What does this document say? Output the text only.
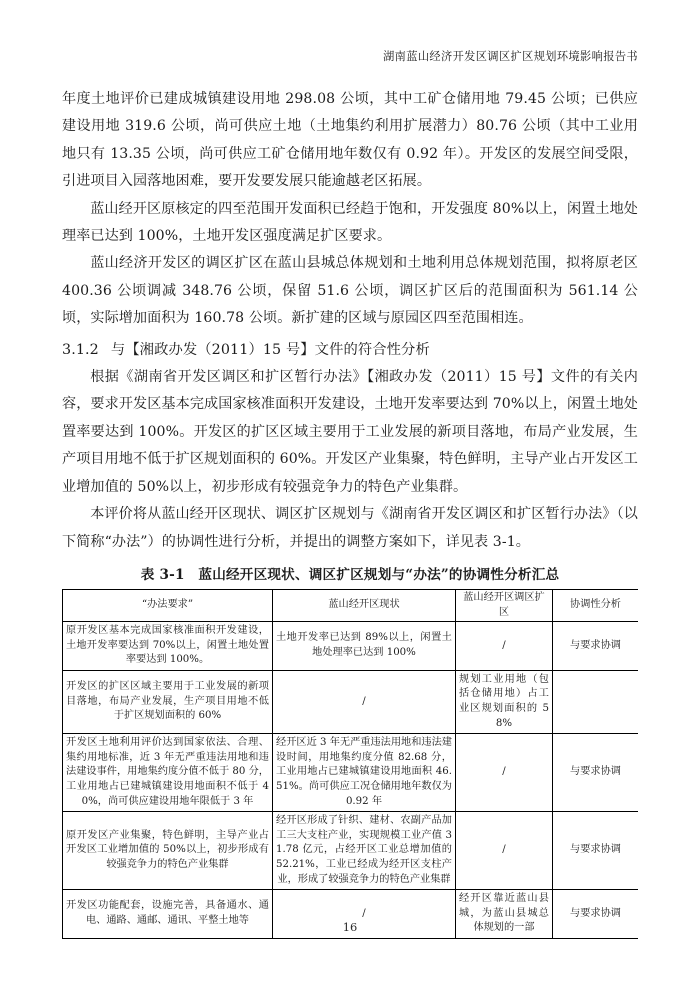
湖南蓝山经济开发区调区扩区规划环境影响报告书

年度土地评价已建成城镇建设用地 298.08 公顷，其中工矿仓储用地 79.45 公顷；已供应建设用地 319.6 公顷，尚可供应土地（土地集约利用扩展潜力）80.76 公顷（其中工业用地只有 13.35 公顷，尚可供应工矿仓储用地年数仅有 0.92 年）。开发区的发展空间受限，引进项目入园落地困难，要开发要发展只能逾越老区拓展。

蓝山经开区原核定的四至范围开发面积已经趋于饱和，开发强度 80%以上，闲置土地处理率已达到 100%，土地开发区强度满足扩区要求。

蓝山经济开发区的调区扩区在蓝山县城总体规划和土地利用总体规划范围，拟将原老区 400.36 公顷调减 348.76 公顷，保留 51.6 公顷，调区扩区后的范围面积为 561.14 公顷，实际增加面积为 160.78 公顷。新扩建的区域与原园区四至范围相连。

3.1.2 与【湘政办发（2011）15 号】文件的符合性分析

根据《湖南省开发区调区和扩区暂行办法》【湘政办发（2011）15 号】文件的有关内容，要求开发区基本完成国家核准面积开发建设，土地开发率要达到 70%以上，闲置土地处置率要达到 100%。开发区的扩区区域主要用于工业发展的新项目落地，布局产业发展，生产项目用地不低于扩区规划面积的 60%。开发区产业集聚，特色鲜明，主导产业占开发区工业增加值的 50%以上，初步形成有较强竞争力的特色产业集群。

本评价将从蓝山经开区现状、调区扩区规划与《湖南省开发区调区和扩区暂行办法》（以下简称“办法”）的协调性进行分析，并提出的调整方案如下，详见表 3-1。

表 3-1　蓝山经开区现状、调区扩区规划与“办法”的协调性分析汇总
“办法要求”	蓝山经开区现状	蓝山经开区调区扩区	协调性分析
原开发区基本完成国家核准面积开发建设，土地开发率要达到 70%以上，闲置土地处置率要达到 100%。	土地开发率已达到 89%以上，闲置土地处理率已达到 100%	/	与要求协调
开发区的扩区区域主要用于工业发展的新项目落地，布局产业发展，生产项目用地不低于扩区规划面积的 60%	/	规划工业用地（包括仓储用地）占工业区规划面积的 58%	
开发区土地利用评价达到国家依法、合理、集约用地标准，近 3 年无严重违法用地和违法建设事件，用地集约度分值不低于 80 分，工业用地占已建城镇建设用地面积不低于 40%，尚可供应建设用地年限低于 3 年	经开区近 3 年无严重违法用地和违法建设时间，用地集约度分值 82.68 分，工业用地占已建城镇建设用地面积 46.51%。尚可供应工况仓储用地年数仅为 0.92 年	/	与要求协调
原开发区产业集聚，特色鲜明，主导产业占开发区工业增加值的 50%以上，初步形成有较强竞争力的特色产业集群	经开区形成了针织、建材、农副产品加工三大支柱产业，实现规模工业产值 31.78 亿元，占经开区工业总增加值的 52.21%，工业已经成为经开区支柱产业，形成了较强竞争力的特色产业集群	/	与要求协调
开发区功能配套，设施完善，具备通水、通电、通路、通邮、通讯、平整土地等	/	经开区靠近蓝山县城，为蓝山县城总体规划的一部	与要求协调
16
